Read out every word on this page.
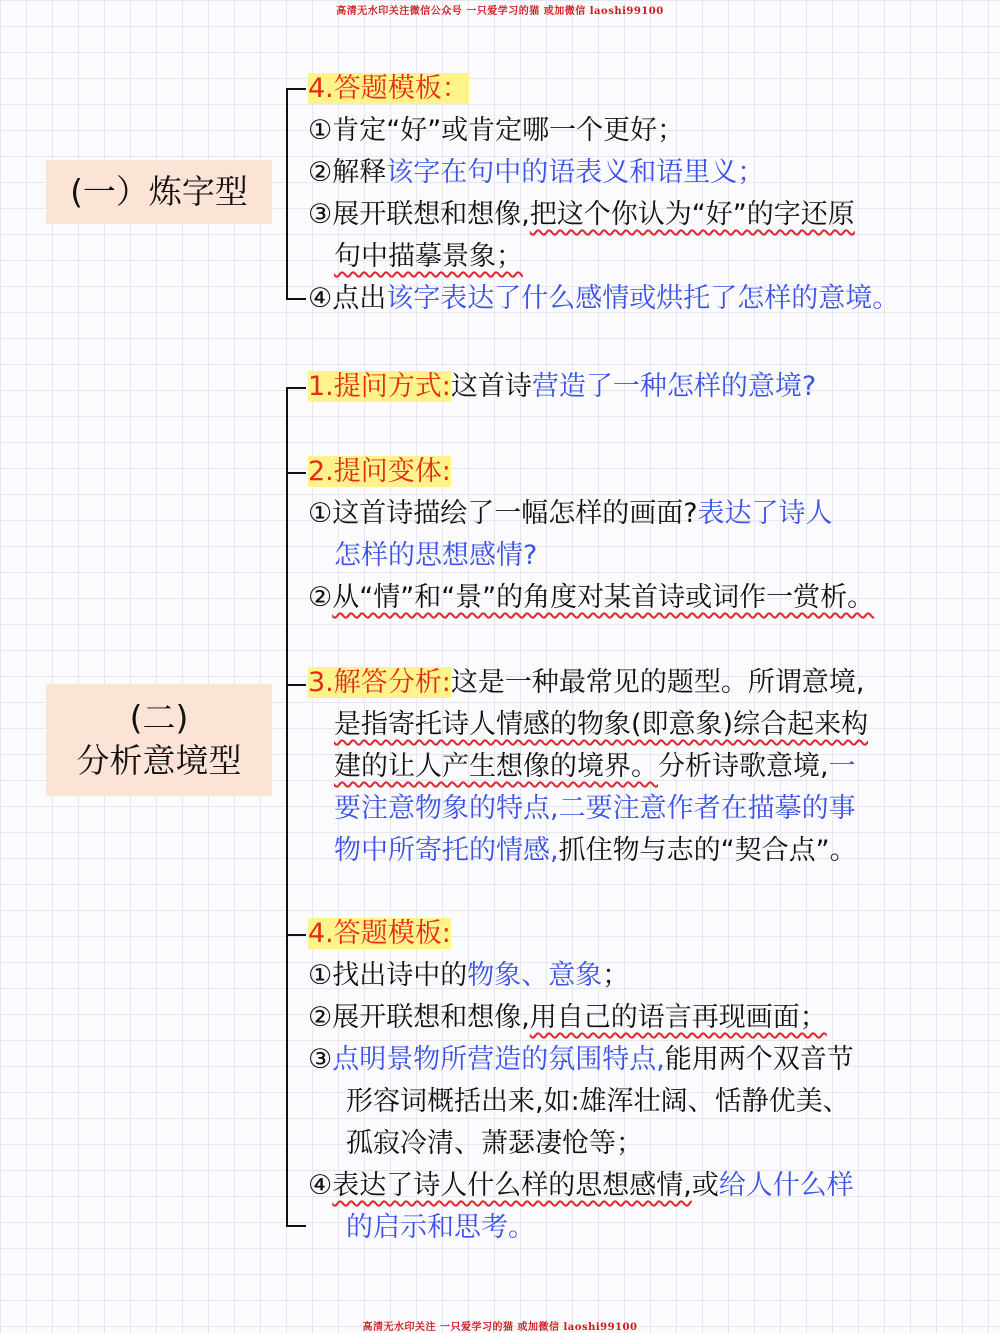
高清无水印关注微信公众号 一只爱学习的猫 或加微信 laoshi99100
(一）炼字型
4.答题模板：
①肯定“好”或肯定哪一个更好；
②解释该字在句中的语表义和语里义；
③展开联想和想像,把这个你认为“好”的字还原
句中描摹景象；
④点出该字表达了什么感情或烘托了怎样的意境。
(二)
分析意境型
1.提问方式:这首诗营造了一种怎样的意境?
2.提问变体:
①这首诗描绘了一幅怎样的画面?表达了诗人
怎样的思想感情?
②从“情”和“景”的角度对某首诗或词作一赏析。
3.解答分析:这是一种最常见的题型。所谓意境,
是指寄托诗人情感的物象(即意象)综合起来构
建的让人产生想像的境界。分析诗歌意境,一
要注意物象的特点,二要注意作者在描摹的事
物中所寄托的情感,抓住物与志的“契合点”。
4.答题模板:
①找出诗中的物象、意象；
②展开联想和想像,用自己的语言再现画面；
③点明景物所营造的氛围特点,能用两个双音节
形容词概括出来,如:雄浑壮阔、恬静优美、
孤寂冷清、萧瑟凄怆等；
④表达了诗人什么样的思想感情,或给人什么样
的启示和思考。
高清无水印关注 一只爱学习的猫 或加微信 laoshi99100
